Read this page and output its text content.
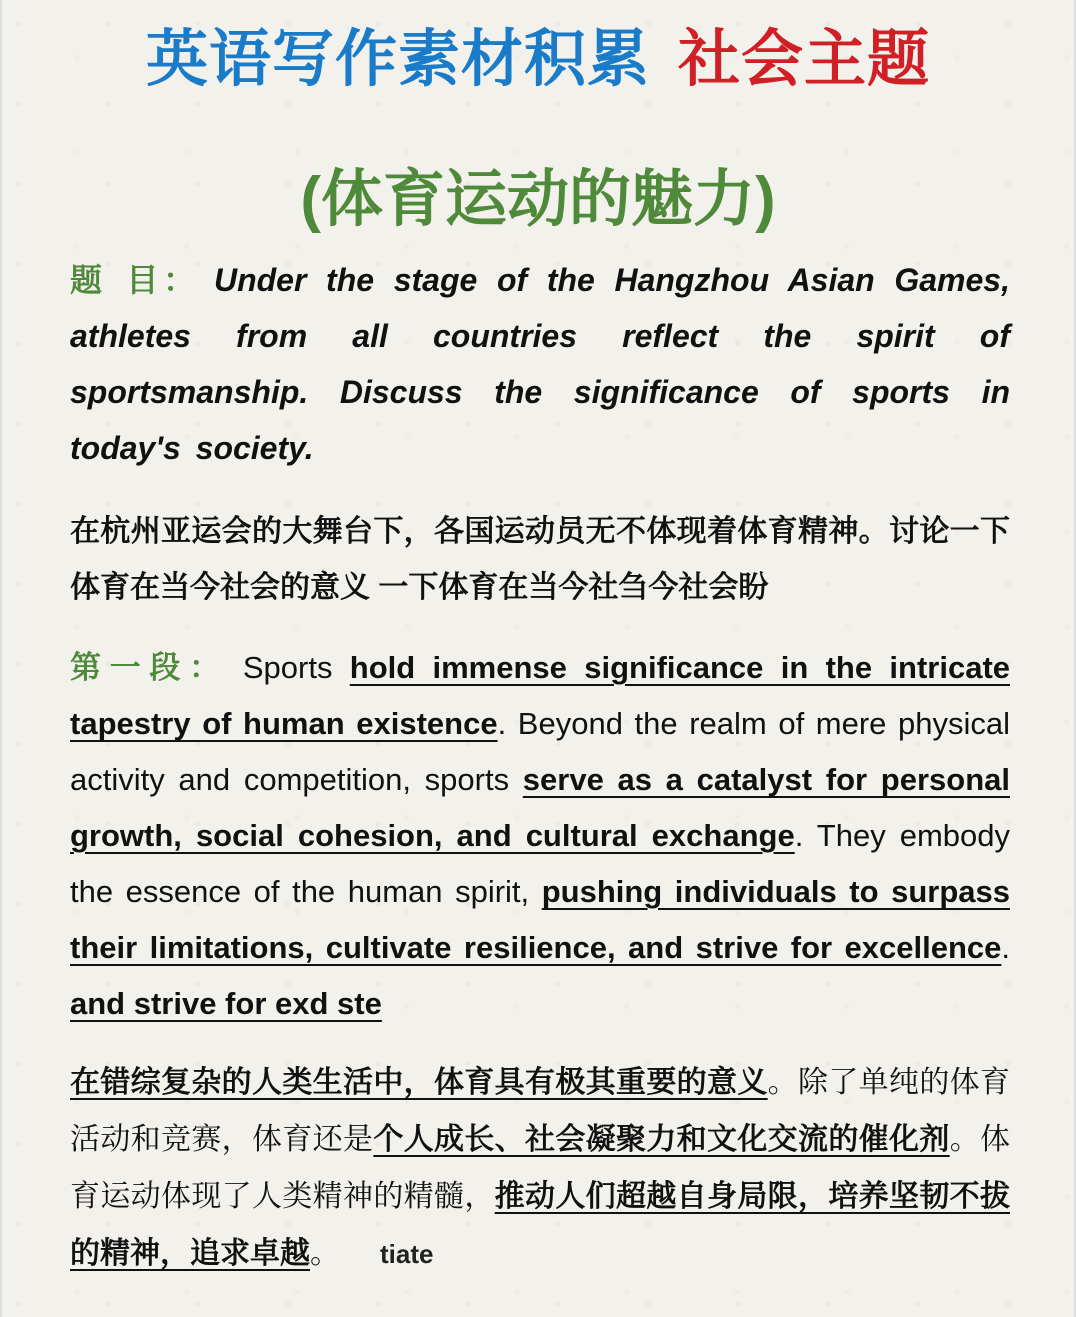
英语写作素材积累 社会主题
(体育运动的魅力)
题 目： Under the stage of the Hangzhou Asian Games, athletes from all countries reflect the spirit of sportsmanship. Discuss the significance of sports in today's society.
在杭州亚运会的大舞台下，各国运动员无不体现着体育精神。讨论一下体育在当今社会的意义 一下体育在当今社刍今社会盼
第一段： Sports hold immense significance in the intricate tapestry of human existence. Beyond the realm of mere physical activity and competition, sports serve as a catalyst for personal growth, social cohesion, and cultural exchange. They embody the essence of the human spirit, pushing individuals to surpass their limitations, cultivate resilience, and strive for excellence. and strive for exd ste
在错综复杂的人类生活中，体育具有极其重要的意义。除了单纯的体育活动和竞赛，体育还是个人成长、社会凝聚力和文化交流的催化剂。体育运动体现了人类精神的精髓，推动人们超越自身局限，培养坚韧不拔的精神，追求卓越。 tiate
